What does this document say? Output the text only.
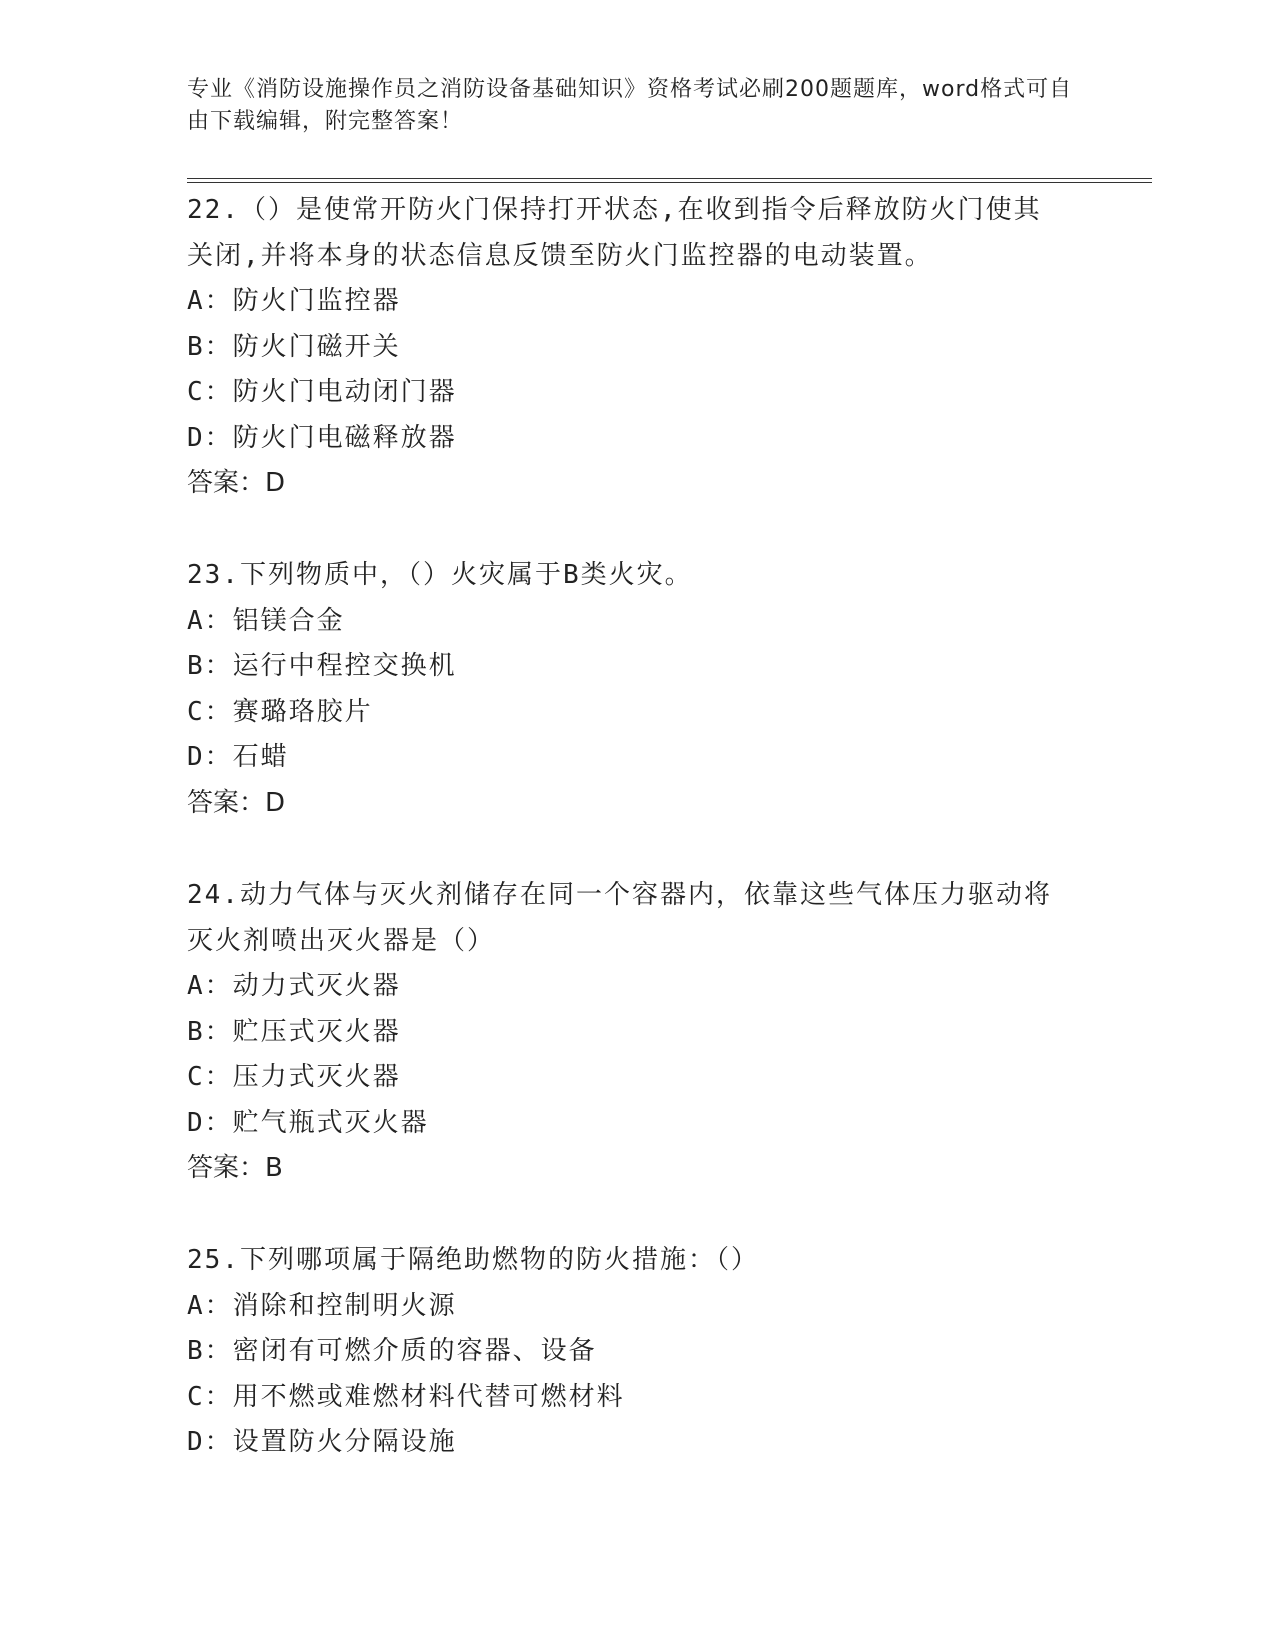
专业《消防设施操作员之消防设备基础知识》资格考试必刷200题题库，word格式可自由下载编辑，附完整答案！
22.（）是使常开防火门保持打开状态,在收到指令后释放防火门使其关闭,并将本身的状态信息反馈至防火门监控器的电动装置。
A：防火门监控器
B：防火门磁开关
C：防火门电动闭门器
D：防火门电磁释放器
答案：D
23.下列物质中，（）火灾属于B类火灾。
A：铝镁合金
B：运行中程控交换机
C：赛璐珞胶片
D：石蜡
答案：D
24.动力气体与灭火剂储存在同一个容器内，依靠这些气体压力驱动将灭火剂喷出灭火器是（）
A：动力式灭火器
B：贮压式灭火器
C：压力式灭火器
D：贮气瓶式灭火器
答案：B
25.下列哪项属于隔绝助燃物的防火措施：（）
A：消除和控制明火源
B：密闭有可燃介质的容器、设备
C：用不燃或难燃材料代替可燃材料
D：设置防火分隔设施
